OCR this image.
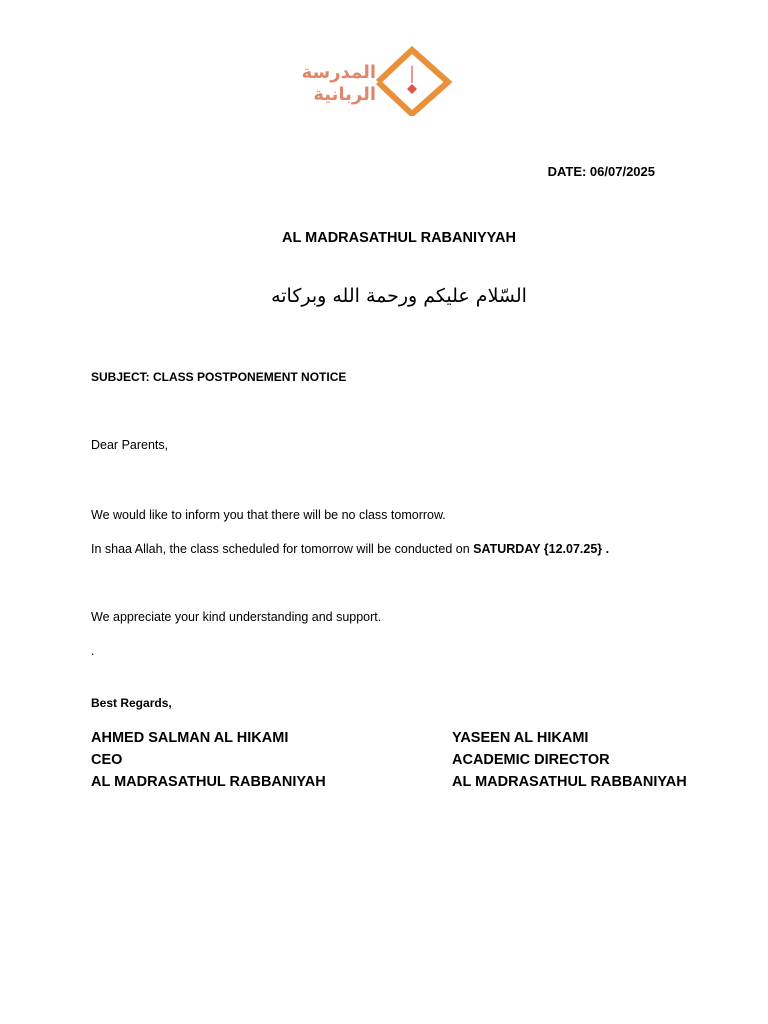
المدرسة
الربانية
DATE: 06/07/2025
AL MADRASATHUL RABANIYYAH
السّلام عليكم ورحمة الله وبركاته
SUBJECT: CLASS POSTPONEMENT NOTICE
Dear Parents,
We would like to inform you that there will be no class tomorrow.
In shaa Allah, the class scheduled for tomorrow will be conducted on SATURDAY {12.07.25} .
We appreciate your kind understanding and support.
.
Best Regards,
AHMED SALMAN AL HIKAMI
CEO
AL MADRASATHUL RABBANIYAH
YASEEN AL HIKAMI
ACADEMIC DIRECTOR
AL MADRASATHUL RABBANIYAH
